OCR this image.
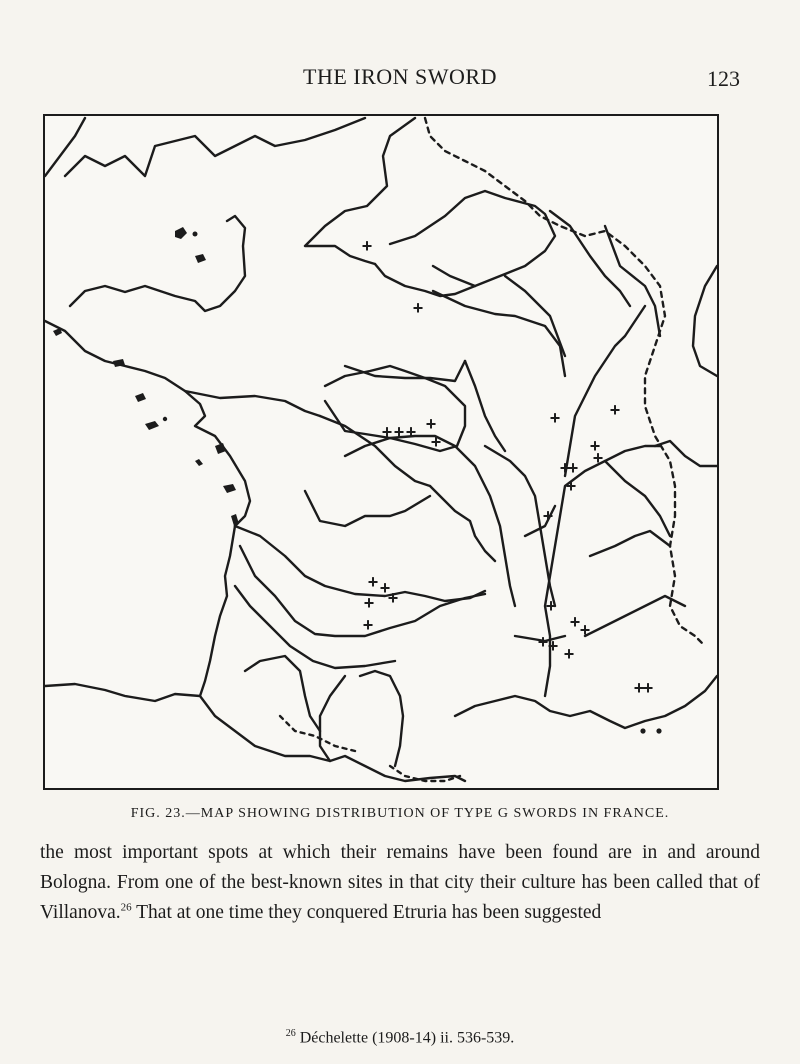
THE IRON SWORD	123
+
+
+
+
+ + + +
+	+
+
+
+
+
+
+ +
+ +
+
+
+ +
+ + +
+
+
FIG. 23.—MAP SHOWING DISTRIBUTION OF TYPE G SWORDS IN FRANCE.

the most important spots at which their remains have been found are in and around Bologna. From one of the best-known sites in that city their culture has been called that of Villanova.$^{26}$ That at one time they conquered Etruria has been suggested

$^{26}$ Déchelette (1908-14) ii. 536-539.
